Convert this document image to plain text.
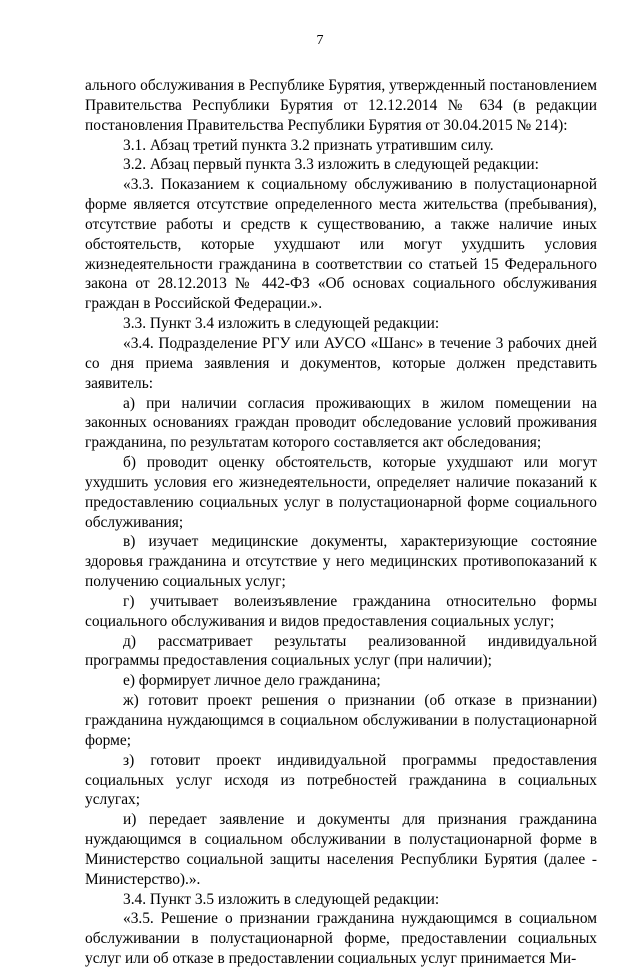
7

ального обслуживания в Республике Бурятия, утвержденный постановлением Правительства Республики Бурятия от 12.12.2014 № 634 (в редакции постановления Правительства Республики Бурятия от 30.04.2015 № 214):

3.1. Абзац третий пункта 3.2 признать утратившим силу.

3.2. Абзац первый пункта 3.3 изложить в следующей редакции:

«3.3. Показанием к социальному обслуживанию в полустационарной форме является отсутствие определенного места жительства (пребывания), отсутствие работы и средств к существованию, а также наличие иных обстоятельств, которые ухудшают или могут ухудшить условия жизнедеятельности гражданина в соответствии со статьей 15 Федерального закона от 28.12.2013 № 442-ФЗ «Об основах социального обслуживания граждан в Российской Федерации.».

3.3. Пункт 3.4 изложить в следующей редакции:

«3.4. Подразделение РГУ или АУСО «Шанс» в течение 3 рабочих дней со дня приема заявления и документов, которые должен представить заявитель:

а) при наличии согласия проживающих в жилом помещении на законных основаниях граждан проводит обследование условий проживания гражданина, по результатам которого составляется акт обследования;

б) проводит оценку обстоятельств, которые ухудшают или могут ухудшить условия его жизнедеятельности, определяет наличие показаний к предоставлению социальных услуг в полустационарной форме социального обслуживания;

в) изучает медицинские документы, характеризующие состояние здоровья гражданина и отсутствие у него медицинских противопоказаний к получению социальных услуг;

г) учитывает волеизъявление гражданина относительно формы социального обслуживания и видов предоставления социальных услуг;

д) рассматривает результаты реализованной индивидуальной программы предоставления социальных услуг (при наличии);

е) формирует личное дело гражданина;

ж) готовит проект решения о признании (об отказе в признании) гражданина нуждающимся в социальном обслуживании в полустационарной форме;

з) готовит проект индивидуальной программы предоставления социальных услуг исходя из потребностей гражданина в социальных услугах;

и) передает заявление и документы для признания гражданина нуждающимся в социальном обслуживании в полустационарной форме в Министерство социальной защиты населения Республики Бурятия (далее - Министерство).».

3.4. Пункт 3.5 изложить в следующей редакции:

«3.5. Решение о признании гражданина нуждающимся в социальном обслуживании в полустационарной форме, предоставлении социальных услуг или об отказе в предоставлении социальных услуг принимается Ми-
